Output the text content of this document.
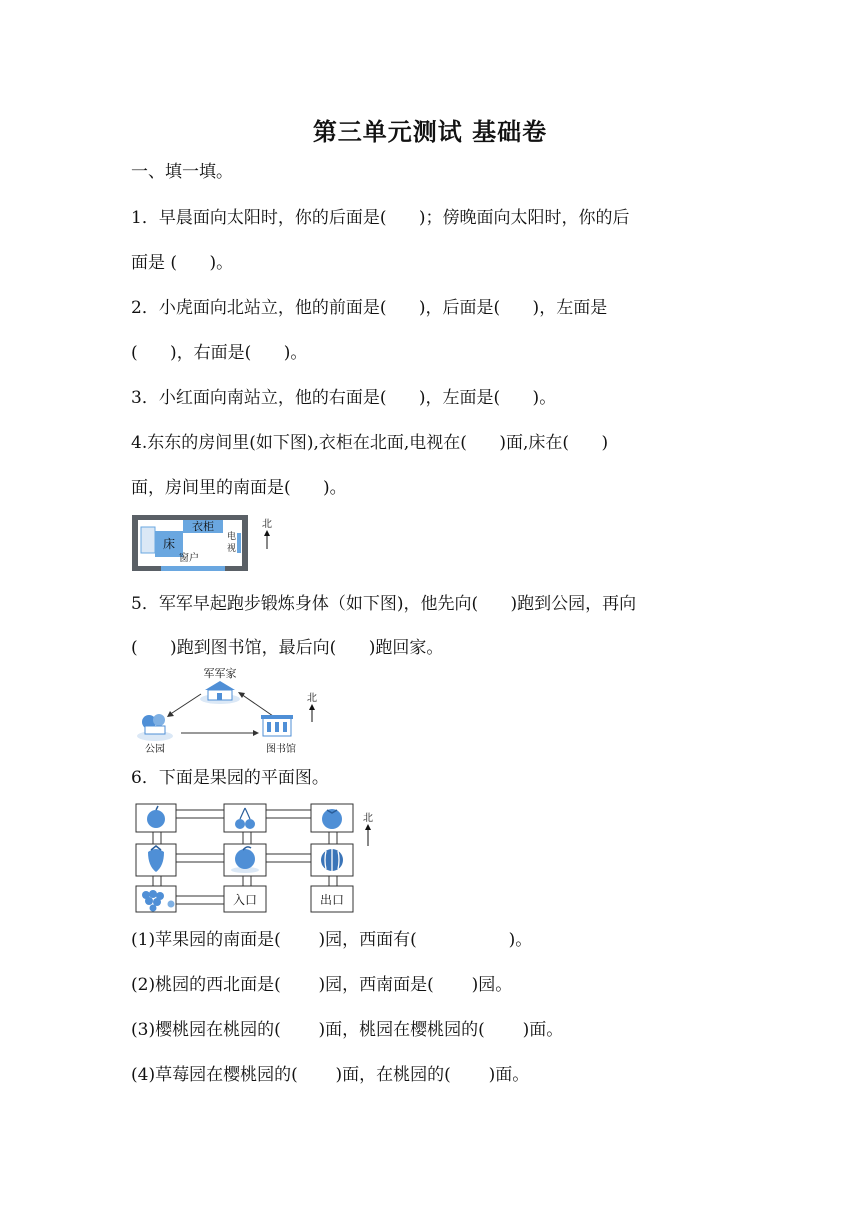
第三单元测试 基础卷
一、填一填。
1．早晨面向太阳时，你的后面是(      )；傍晚面向太阳时，你的后
面是 (      )。
2．小虎面向北站立，他的前面是(      )，后面是(      )，左面是
(      )，右面是(      )。
3．小红面向南站立，他的右面是(      )，左面是(      )。
4.东东的房间里(如下图),衣柜在北面,电视在(      )面,床在(      )
面，房间里的南面是(      )。
衣柜
床	电
视
窗户
北
5．军军早起跑步锻炼身体（如下图)，他先向(      )跑到公园，再向
(      )跑到图书馆，最后向(      )跑回家。
军军家
公园	图书馆
北
6．下面是果园的平面图。
入口	出口
北
(1)苹果园的南面是(       )园，西面有(                 )。
(2)桃园的西北面是(       )园，西南面是(       )园。
(3)樱桃园在桃园的(       )面，桃园在樱桃园的(       )面。
(4)草莓园在樱桃园的(       )面，在桃园的(       )面。
